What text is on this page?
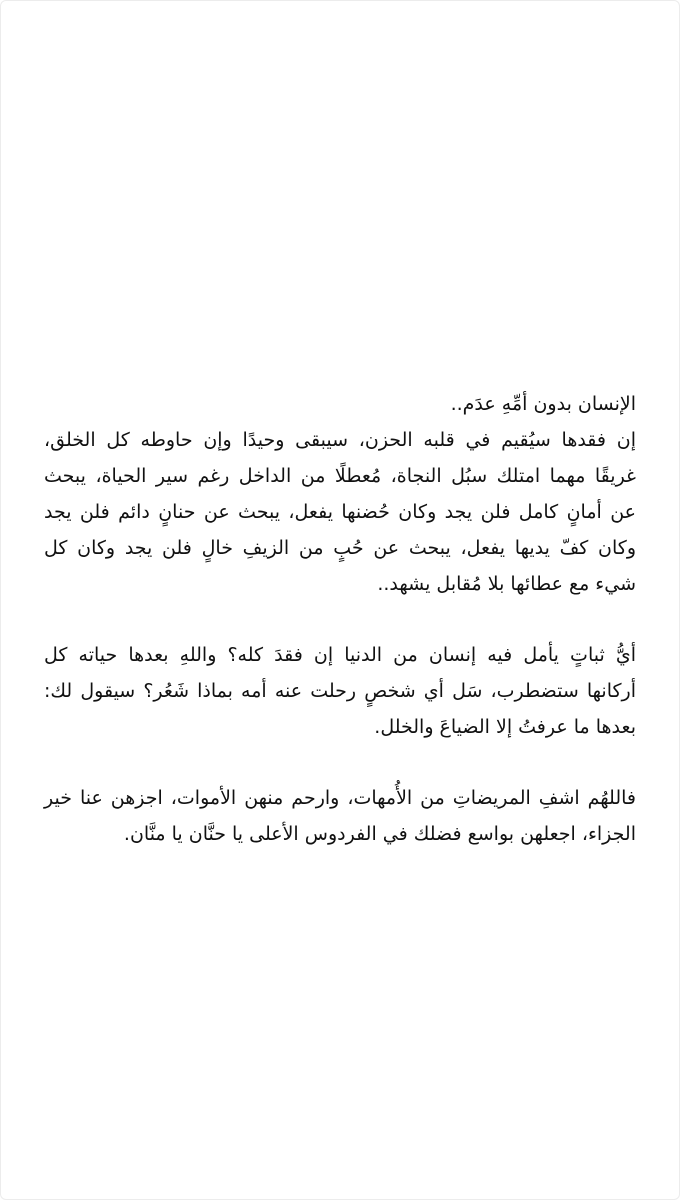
الإنسان بدون أمِّهِ عدَم..
إن فقدها سيُقيم في قلبه الحزن، سيبقى وحيدًا وإن حاوطه كل الخلق،
غريقًا مهما امتلك سبُل النجاة، مُعطلًا من الداخل رغم سير الحياة، يبحث
عن أمانٍ كامل فلن يجد وكان حُضنها يفعل، يبحث عن حنانٍ دائم فلن يجد
وكان كفّ يديها يفعل، يبحث عن حُبٍ من الزيفِ خالٍ فلن يجد وكان كل
شيء مع عطائها بلا مُقابل يشهد..

أيُّ ثباتٍ يأمل فيه إنسان من الدنيا إن فقدَ كله؟ واللهِ بعدها حياته كل
أركانها ستضطرب، سَل أي شخصٍ رحلت عنه أمه بماذا شَعُر؟ سيقول لك:
بعدها ما عرفتُ إلا الضياعَ والخلل.

فاللهُم اشفِ المريضاتِ من الأُمهات، وارحم منهن الأموات، اجزهن عنا خير
الجزاء، اجعلهن بواسع فضلك في الفردوس الأعلى يا حنَّان يا منَّان.
